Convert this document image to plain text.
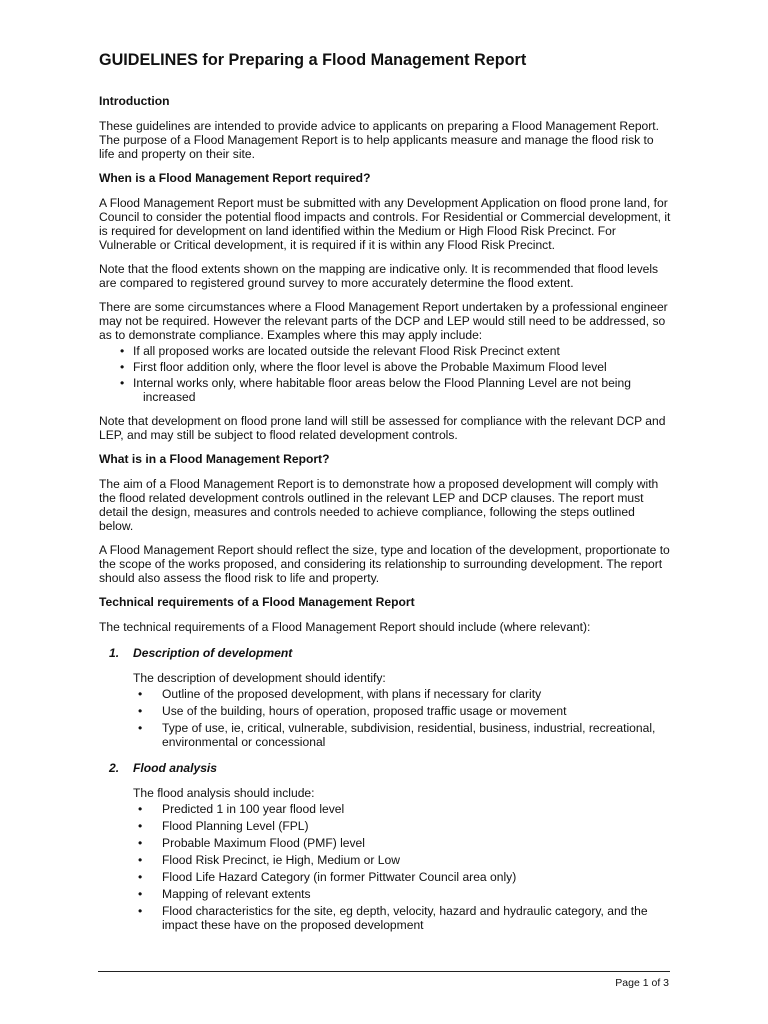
GUIDELINES for Preparing a Flood Management Report
Introduction

These guidelines are intended to provide advice to applicants on preparing a Flood Management Report. The purpose of a Flood Management Report is to help applicants measure and manage the flood risk to life and property on their site.

When is a Flood Management Report required?

A Flood Management Report must be submitted with any Development Application on flood prone land, for Council to consider the potential flood impacts and controls. For Residential or Commercial development, it is required for development on land identified within the Medium or High Flood Risk Precinct. For Vulnerable or Critical development, it is required if it is within any Flood Risk Precinct.

Note that the flood extents shown on the mapping are indicative only. It is recommended that flood levels are compared to registered ground survey to more accurately determine the flood extent.

There are some circumstances where a Flood Management Report undertaken by a professional engineer may not be required. However the relevant parts of the DCP and LEP would still need to be addressed, so as to demonstrate compliance. Examples where this may apply include:

• If all proposed works are located outside the relevant Flood Risk Precinct extent
• First floor addition only, where the floor level is above the Probable Maximum Flood level
• Internal works only, where habitable floor areas below the Flood Planning Level are not being
increased

Note that development on flood prone land will still be assessed for compliance with the relevant DCP and LEP, and may still be subject to flood related development controls.

What is in a Flood Management Report?

The aim of a Flood Management Report is to demonstrate how a proposed development will comply with the flood related development controls outlined in the relevant LEP and DCP clauses. The report must detail the design, measures and controls needed to achieve compliance, following the steps outlined below.

A Flood Management Report should reflect the size, type and location of the development, proportionate to the scope of the works proposed, and considering its relationship to surrounding development. The report should also assess the flood risk to life and property.

Technical requirements of a Flood Management Report

The technical requirements of a Flood Management Report should include (where relevant):

1. Description of development

The description of development should identify:

• Outline of the proposed development, with plans if necessary for clarity
• Use of the building, hours of operation, proposed traffic usage or movement
• Type of use, ie, critical, vulnerable, subdivision, residential, business, industrial, recreational, environmental or concessional
2. Flood analysis

The flood analysis should include:

• Predicted 1 in 100 year flood level
• Flood Planning Level (FPL)
• Probable Maximum Flood (PMF) level
• Flood Risk Precinct, ie High, Medium or Low
• Flood Life Hazard Category (in former Pittwater Council area only)
• Mapping of relevant extents
• Flood characteristics for the site, eg depth, velocity, hazard and hydraulic category, and the impact these have on the proposed development
Page 1 of 3
